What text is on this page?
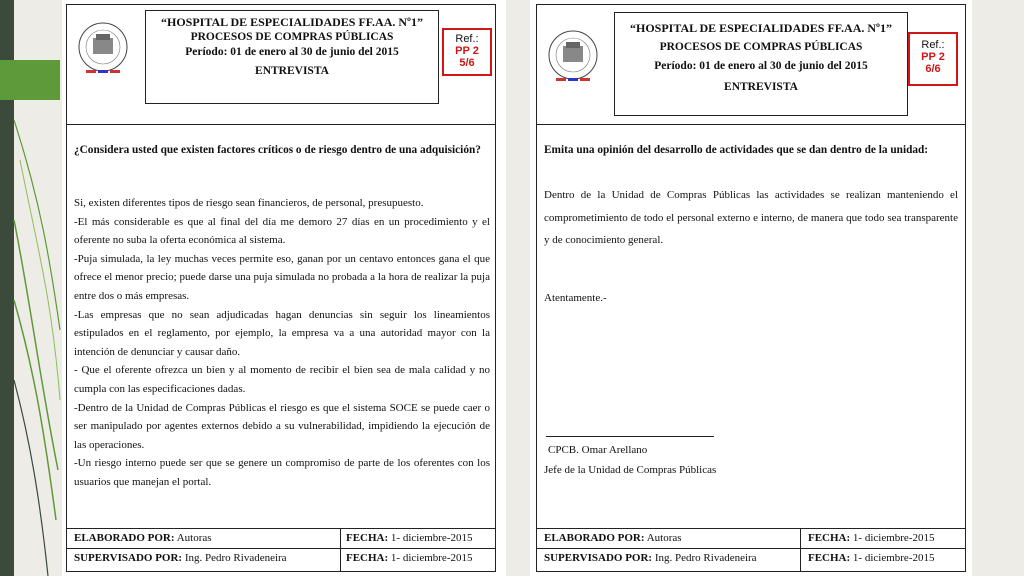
“HOSPITAL DE ESPECIALIDADES FF.AA. Nº1”
PROCESOS DE COMPRAS PÚBLICAS
Período: 01 de enero al 30 de junio del 2015
ENTREVISTA
Ref.:
PP 2
5/6
¿Considera usted que existen factores críticos o de riesgo dentro de una adquisición?

Si, existen diferentes tipos de riesgo sean financieros, de personal, presupuesto.

-El más considerable es que al final del día me demoro 27 días en un procedimiento y el oferente no suba la oferta económica al sistema.

-Puja simulada, la ley muchas veces permite eso, ganan por un centavo entonces gana el que ofrece el menor precio; puede darse una puja simulada no probada a la hora de realizar la puja entre dos o más empresas.

-Las empresas que no sean adjudicadas hagan denuncias sin seguir los lineamientos estipulados en el reglamento, por ejemplo, la empresa va a una autoridad mayor con la intención de denunciar y causar daño.

- Que el oferente ofrezca un bien y al momento de recibir el bien sea de mala calidad y no cumpla con las especificaciones dadas.

-Dentro de la Unidad de Compras Públicas el riesgo es que el sistema SOCE se puede caer o ser manipulado por agentes externos debido a su vulnerabilidad, impidiendo la ejecución de las operaciones.

-Un riesgo interno puede ser que se genere un compromiso de parte de los oferentes con los usuarios que manejan el portal.

ELABORADO POR: Autoras	FECHA: 1- diciembre-2015
SUPERVISADO POR: Ing. Pedro Rivadeneira	FECHA: 1- diciembre-2015
“HOSPITAL DE ESPECIALIDADES FF.AA. Nº1”
PROCESOS DE COMPRAS PÚBLICAS
Período: 01 de enero al 30 de junio del 2015
ENTREVISTA
Ref.:
PP 2
6/6
Emita una opinión del desarrollo de actividades que se dan dentro de la unidad:
Dentro de la Unidad de Compras Públicas las actividades se realizan manteniendo el comprometimiento de todo el personal externo e interno, de manera que todo sea transparente y de conocimiento general.
Atentamente.-
CPCB. Omar Arellano
Jefe de la Unidad de Compras Públicas
ELABORADO POR: Autoras	FECHA: 1- diciembre-2015
SUPERVISADO POR: Ing. Pedro Rivadeneira	FECHA: 1- diciembre-2015
